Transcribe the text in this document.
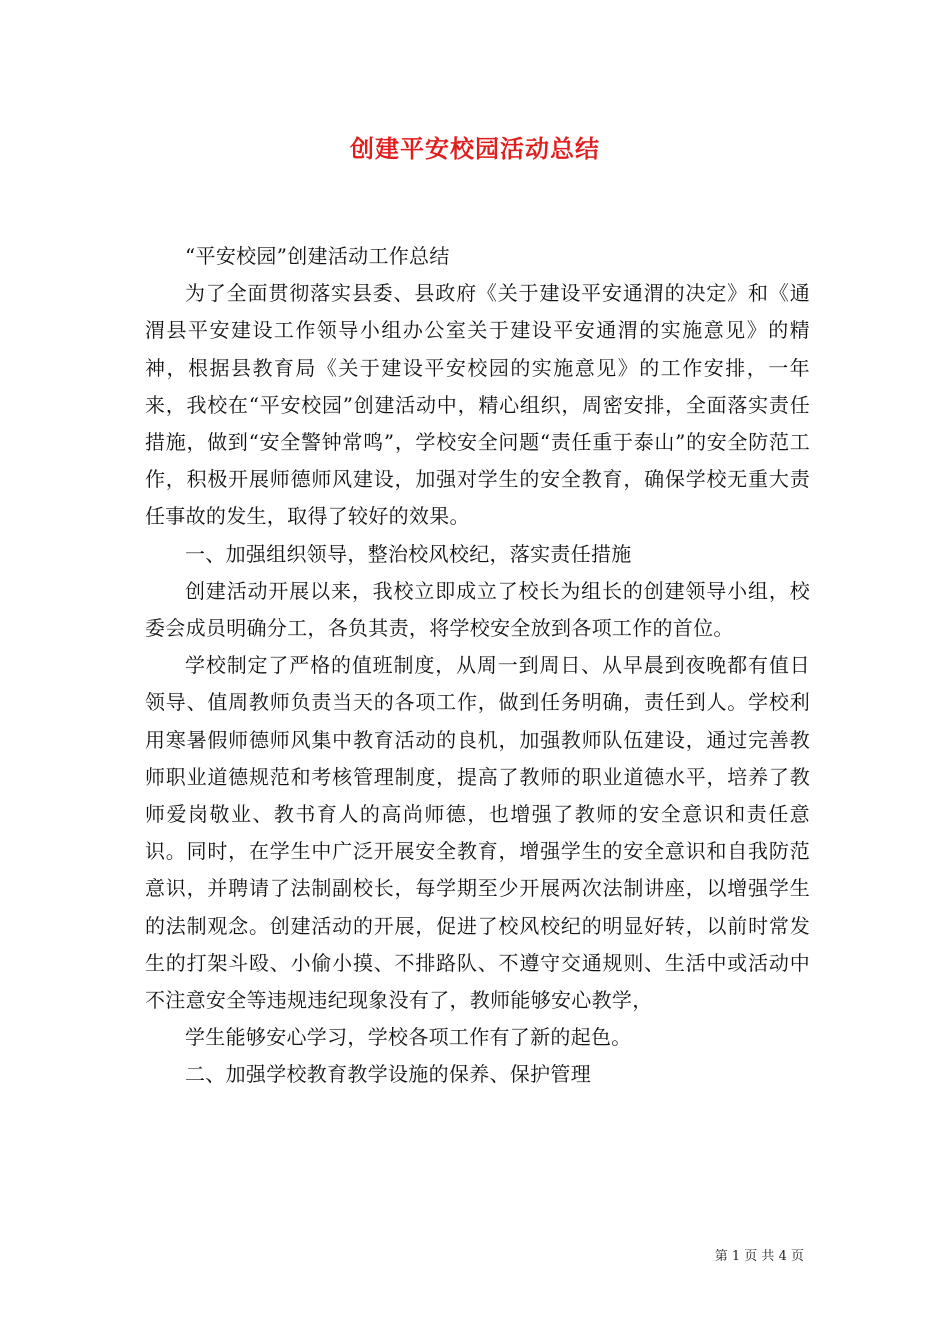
创建平安校园活动总结

“平安校园”创建活动工作总结

为了全面贯彻落实县委、县政府《关于建设平安通渭的决定》和《通渭县平安建设工作领导小组办公室关于建设平安通渭的实施意见》的精神，根据县教育局《关于建设平安校园的实施意见》的工作安排，一年来，我校在“平安校园”创建活动中，精心组织，周密安排，全面落实责任措施，做到“安全警钟常鸣”，学校安全问题“责任重于泰山”的安全防范工作，积极开展师德师风建设，加强对学生的安全教育，确保学校无重大责任事故的发生，取得了较好的效果。

一、加强组织领导，整治校风校纪，落实责任措施

创建活动开展以来，我校立即成立了校长为组长的创建领导小组，校委会成员明确分工，各负其责，将学校安全放到各项工作的首位。

学校制定了严格的值班制度，从周一到周日、从早晨到夜晚都有值日领导、值周教师负责当天的各项工作，做到任务明确，责任到人。学校利用寒暑假师德师风集中教育活动的良机，加强教师队伍建设，通过完善教师职业道德规范和考核管理制度，提高了教师的职业道德水平，培养了教师爱岗敬业、教书育人的高尚师德，也增强了教师的安全意识和责任意识。同时，在学生中广泛开展安全教育，增强学生的安全意识和自我防范意识，并聘请了法制副校长，每学期至少开展两次法制讲座，以增强学生的法制观念。创建活动的开展，促进了校风校纪的明显好转，以前时常发生的打架斗殴、小偷小摸、不排路队、不遵守交通规则、生活中或活动中不注意安全等违规违纪现象没有了，教师能够安心教学，

学生能够安心学习，学校各项工作有了新的起色。

二、加强学校教育教学设施的保养、保护管理

第 1 页 共 4 页
